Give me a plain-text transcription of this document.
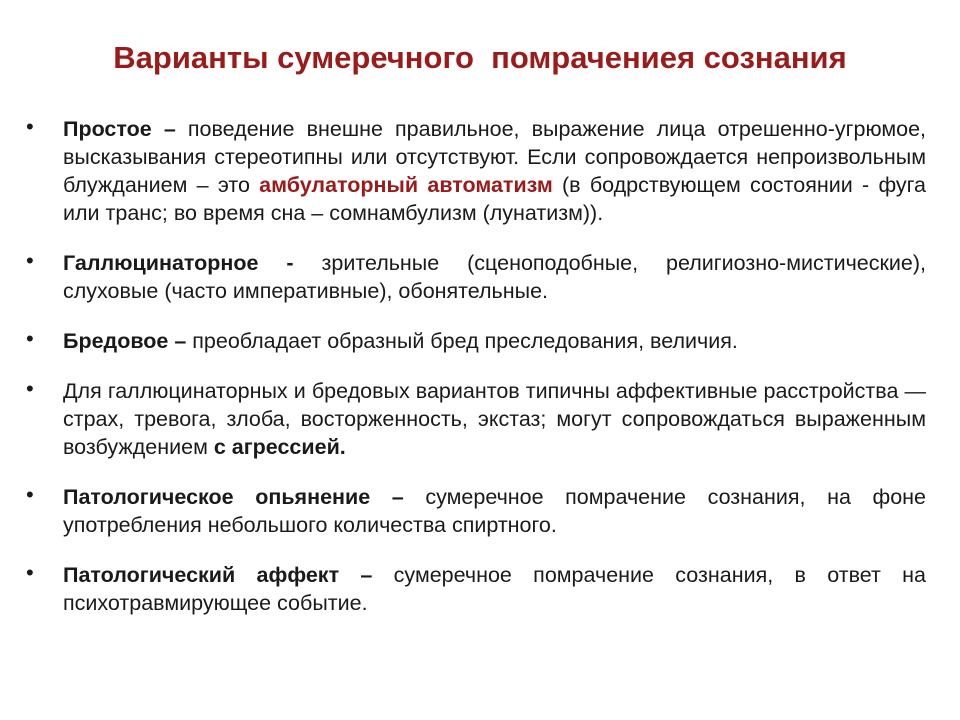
Варианты сумеречного  помрачениея сознания
• Простое – поведение внешне правильное, выражение лица отрешенно-угрюмое, высказывания стереотипны или отсутствуют. Если сопровождается непроизвольным блужданием – это амбулаторный автоматизм (в бодрствующем состоянии - фуга или транс; во время сна – сомнамбулизм (лунатизм)).
• Галлюцинаторное - зрительные (сценоподобные, религиозно-мистические), слуховые (часто императивные), обонятельные.
• Бредовое – преобладает образный бред преследования, величия.
• Для галлюцинаторных и бредовых вариантов типичны аффективные расстройства — страх, тревога, злоба, восторженность, экстаз; могут сопровождаться выраженным возбуждением с агрессией.
• Патологическое опьянение – сумеречное помрачение сознания, на фоне употребления небольшого количества спиртного.
• Патологический аффект – сумеречное помрачение сознания, в ответ на психотравмирующее событие.
